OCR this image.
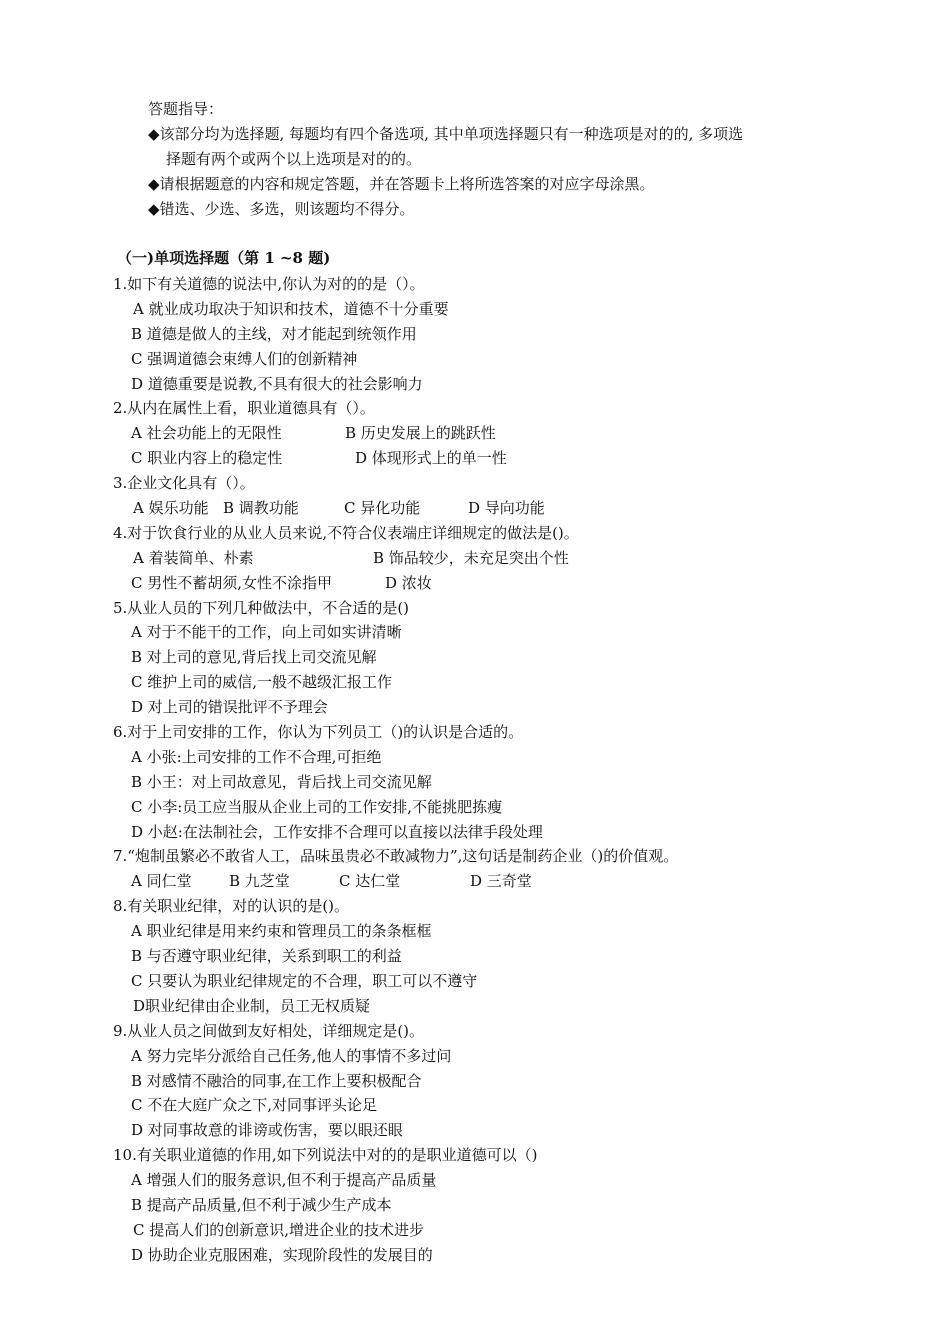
答题指导：
◆该部分均为选择题, 每题均有四个备选项, 其中单项选择题只有一种选项是对的的, 多项选
择题有两个或两个以上选项是对的的。
◆请根据题意的内容和规定答题，并在答题卡上将所选答案的对应字母涂黑。
◆错选、少选、多选，则该题均不得分。
（一)单项选择题（第 1 ~8 题)
1.如下有关道德的说法中,你认为对的的是（）。
A 就业成功取决于知识和技术，道德不十分重要
B 道德是做人的主线，对才能起到统领作用
C 强调道德会束缚人们的创新精神
D 道德重要是说教,不具有很大的社会影响力
2.从内在属性上看，职业道德具有（）。
A 社会功能上的无限性	B 历史发展上的跳跃性
C 职业内容上的稳定性	D 体现形式上的单一性
3.企业文化具有（）。
A 娱乐功能 B 调教功能	C 异化功能	D 导向功能
4.对于饮食行业的从业人员来说,不符合仪表端庄详细规定的做法是()。
A 着装简单、朴素	B 饰品较少，未充足突出个性
C 男性不蓄胡须,女性不涂指甲	D 浓妆
5.从业人员的下列几种做法中，不合适的是()
A 对于不能干的工作，向上司如实讲清晰
B 对上司的意见,背后找上司交流见解
C 维护上司的威信,一般不越级汇报工作
D 对上司的错误批评不予理会
6.对于上司安排的工作，你认为下列员工（)的认识是合适的。
A 小张:上司安排的工作不合理,可拒绝
B 小王：对上司故意见，背后找上司交流见解
C 小李:员工应当服从企业上司的工作安排,不能挑肥拣瘦
D 小赵:在法制社会，工作安排不合理可以直接以法律手段处理
7.“炮制虽繁必不敢省人工，品味虽贵必不敢减物力”,这句话是制药企业（)的价值观。
A 同仁堂 B 九芝堂	C 达仁堂	D 三奇堂
8.有关职业纪律，对的认识的是()。
A 职业纪律是用来约束和管理员工的条条框框
B 与否遵守职业纪律，关系到职工的利益
C 只要认为职业纪律规定的不合理，职工可以不遵守
D职业纪律由企业制，员工无权质疑
9.从业人员之间做到友好相处，详细规定是()。
A 努力完毕分派给自己任务,他人的事情不多过问
B 对感情不融洽的同事,在工作上要积极配合
C 不在大庭广众之下,对同事评头论足
D 对同事故意的诽谤或伤害，要以眼还眼
10.有关职业道德的作用,如下列说法中对的的是职业道德可以（)
A 增强人们的服务意识,但不利于提高产品质量
B 提高产品质量,但不利于减少生产成本
C 提高人们的创新意识,增进企业的技术进步
D 协助企业克服困难，实现阶段性的发展目的
